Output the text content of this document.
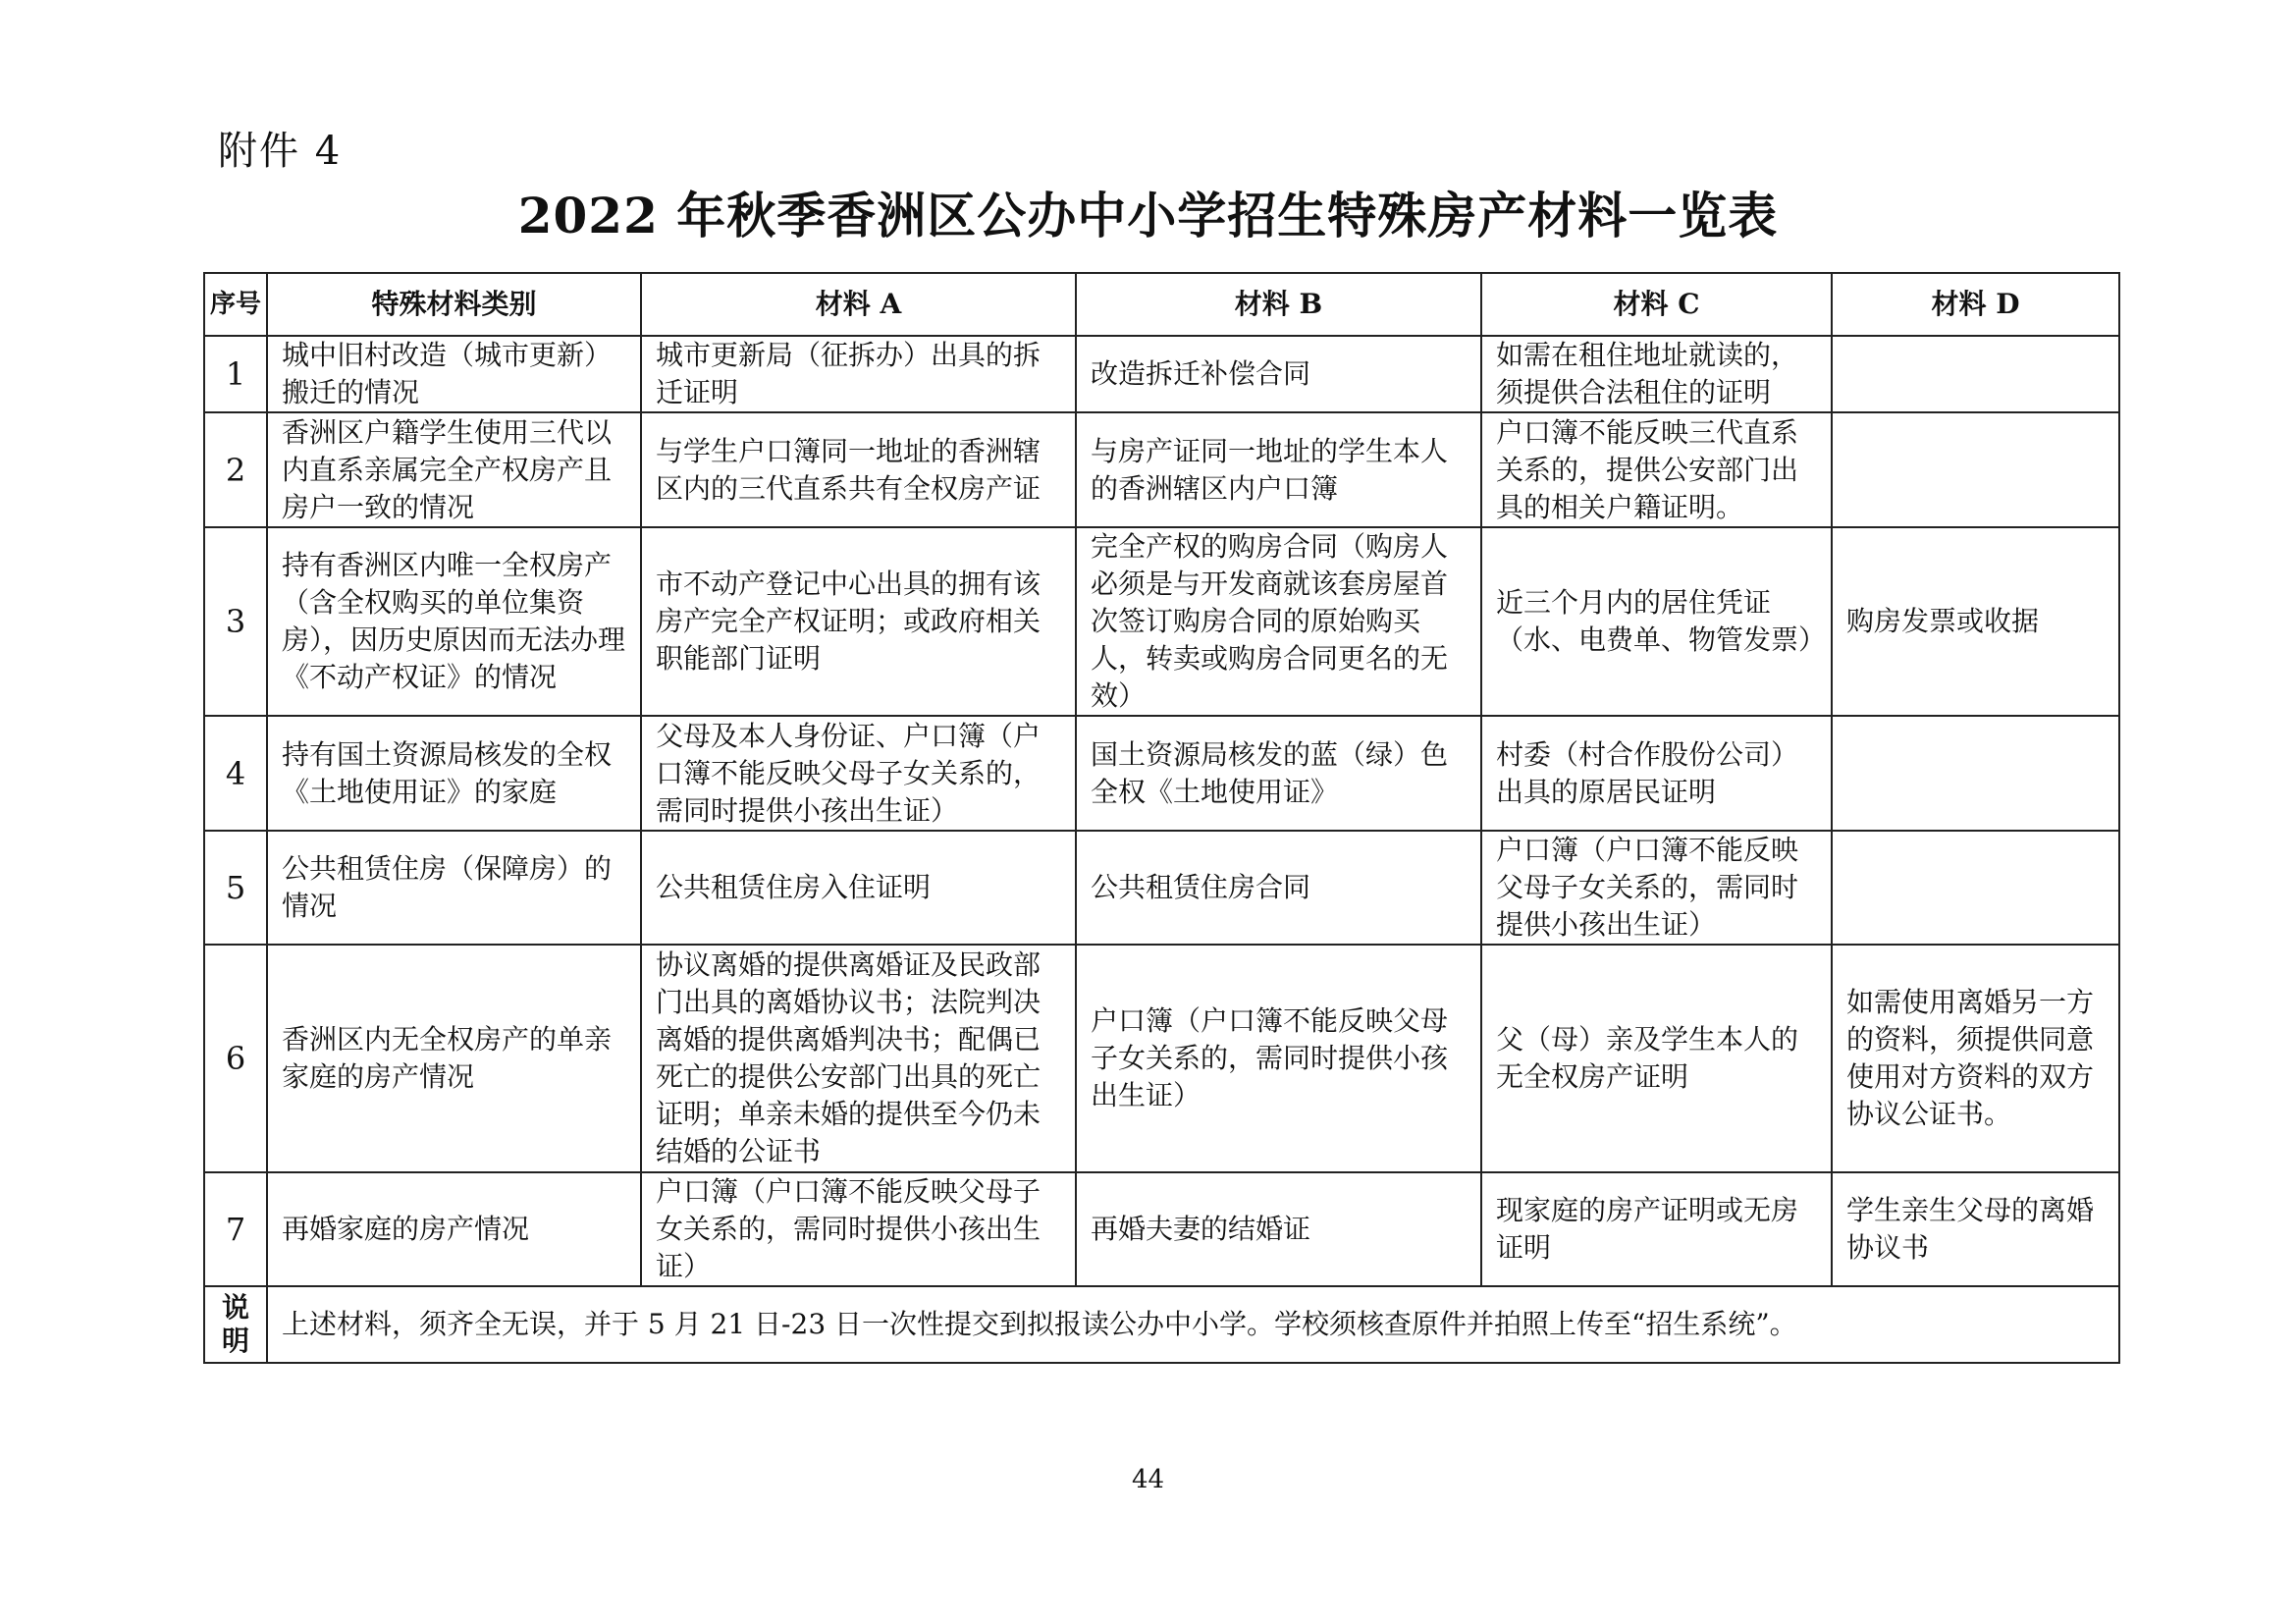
附件 4
2022 年秋季香洲区公办中小学招生特殊房产材料一览表
序号	特殊材料类别	材料 A	材料 B	材料 C	材料 D
1	城中旧村改造（城市更新）搬迁的情况	城市更新局（征拆办）出具的拆迁证明	改造拆迁补偿合同	如需在租住地址就读的，须提供合法租住的证明	
2	香洲区户籍学生使用三代以内直系亲属完全产权房产且房户一致的情况	与学生户口簿同一地址的香洲辖区内的三代直系共有全权房产证	与房产证同一地址的学生本人的香洲辖区内户口簿	户口簿不能反映三代直系关系的，提供公安部门出具的相关户籍证明。	
3	持有香洲区内唯一全权房产（含全权购买的单位集资房），因历史原因而无法办理《不动产权证》的情况	市不动产登记中心出具的拥有该房产完全产权证明；或政府相关职能部门证明	完全产权的购房合同（购房人必须是与开发商就该套房屋首次签订购房合同的原始购买人，转卖或购房合同更名的无效）	近三个月内的居住凭证（水、电费单、物管发票）	购房发票或收据
4	持有国土资源局核发的全权《土地使用证》的家庭	父母及本人身份证、户口簿（户口簿不能反映父母子女关系的，需同时提供小孩出生证）	国土资源局核发的蓝（绿）色全权《土地使用证》	村委（村合作股份公司）出具的原居民证明	
5	公共租赁住房（保障房）的情况	公共租赁住房入住证明	公共租赁住房合同	户口簿（户口簿不能反映父母子女关系的，需同时提供小孩出生证）	
6	香洲区内无全权房产的单亲家庭的房产情况	协议离婚的提供离婚证及民政部门出具的离婚协议书；法院判决离婚的提供离婚判决书；配偶已死亡的提供公安部门出具的死亡证明；单亲未婚的提供至今仍未结婚的公证书	户口簿（户口簿不能反映父母子女关系的，需同时提供小孩出生证）	父（母）亲及学生本人的无全权房产证明	如需使用离婚另一方的资料，须提供同意使用对方资料的双方协议公证书。
7	再婚家庭的房产情况	户口簿（户口簿不能反映父母子女关系的，需同时提供小孩出生证）	再婚夫妻的结婚证	现家庭的房产证明或无房证明	学生亲生父母的离婚协议书
说明	上述材料，须齐全无误，并于 5 月 21 日-23 日一次性提交到拟报读公办中小学。学校须核查原件并拍照上传至“招生系统”。				
44
